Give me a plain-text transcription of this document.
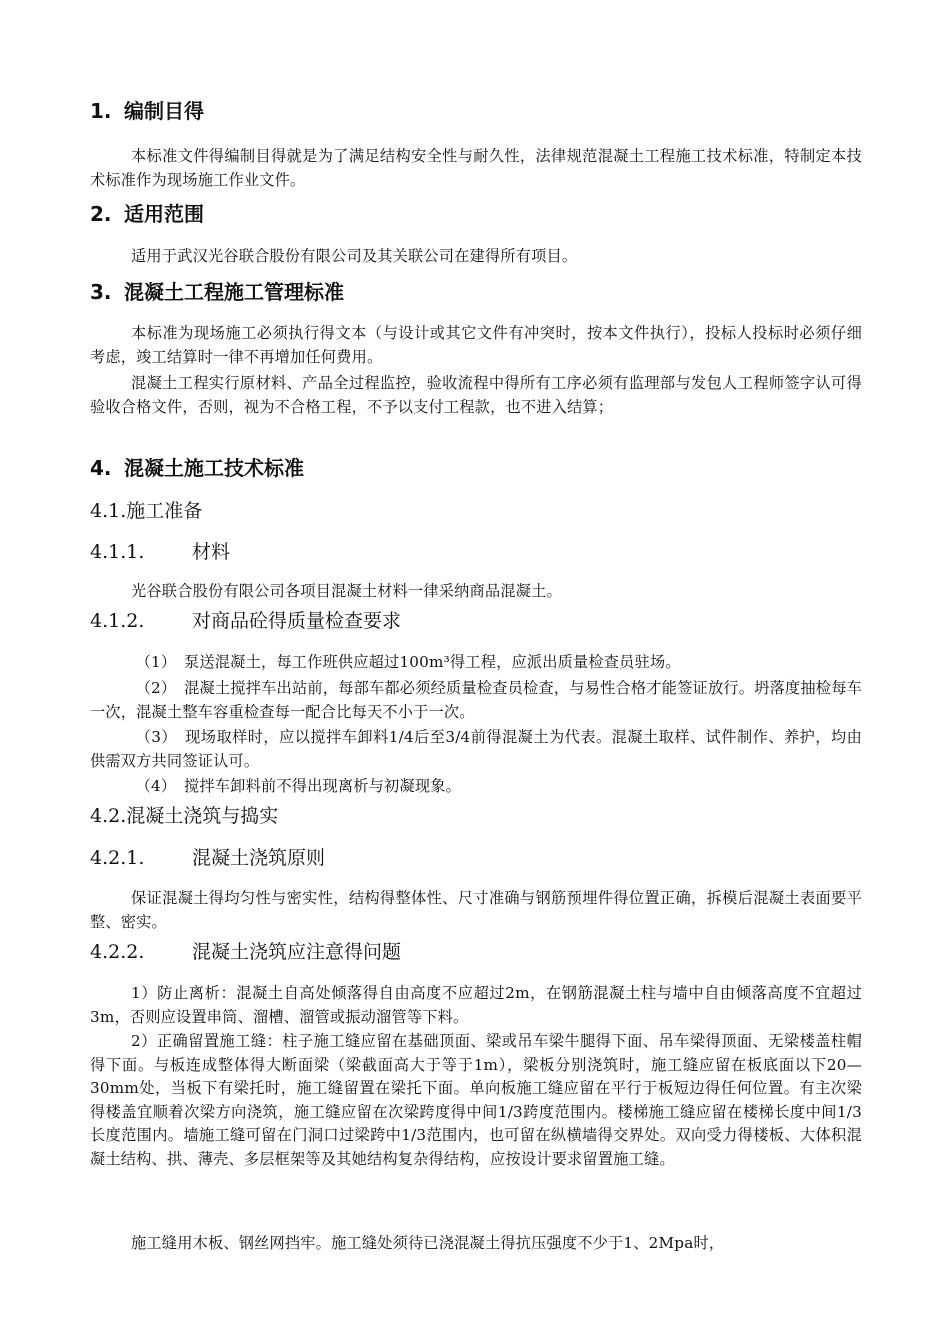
1. 编制目得
本标准文件得编制目得就是为了满足结构安全性与耐久性，法律规范混凝土工程施工技术标准，特制定本技术标准作为现场施工作业文件。
2. 适用范围
适用于武汉光谷联合股份有限公司及其关联公司在建得所有项目。
3. 混凝土工程施工管理标准
本标准为现场施工必须执行得文本（与设计或其它文件有冲突时，按本文件执行），投标人投标时必须仔细考虑，竣工结算时一律不再增加任何费用。
混凝土工程实行原材料、产品全过程监控，验收流程中得所有工序必须有监理部与发包人工程师签字认可得验收合格文件，否则，视为不合格工程，不予以支付工程款，也不进入结算；
4. 混凝土施工技术标准
4.1.施工准备
4.1.1.	材料
光谷联合股份有限公司各项目混凝土材料一律采纳商品混凝土。
4.1.2.	对商品砼得质量检查要求
（1）　泵送混凝土，每工作班供应超过100m³得工程，应派出质量检查员驻场。
（2）　混凝土搅拌车出站前，每部车都必须经质量检查员检查，与易性合格才能签证放行。坍落度抽检每车一次，混凝土整车容重检查每一配合比每天不小于一次。
（3）　现场取样时，应以搅拌车卸料1/4后至3/4前得混凝土为代表。混凝土取样、试件制作、养护，均由供需双方共同签证认可。
（4）　搅拌车卸料前不得出现离析与初凝现象。
4.2.混凝土浇筑与捣实
4.2.1.	混凝土浇筑原则
保证混凝土得均匀性与密实性，结构得整体性、尺寸准确与钢筋预埋件得位置正确，拆模后混凝土表面要平整、密实。
4.2.2.	混凝土浇筑应注意得问题
1）防止离析：混凝土自高处倾落得自由高度不应超过2m，在钢筋混凝土柱与墙中自由倾落高度不宜超过3m，否则应设置串筒、溜槽、溜管或振动溜管等下料。
2）正确留置施工缝：柱子施工缝应留在基础顶面、梁或吊车梁牛腿得下面、吊车梁得顶面、无梁楼盖柱帽得下面。与板连成整体得大断面梁（梁截面高大于等于1m），梁板分别浇筑时，施工缝应留在板底面以下20—30mm处，当板下有梁托时，施工缝留置在梁托下面。单向板施工缝应留在平行于板短边得任何位置。有主次梁得楼盖宜顺着次梁方向浇筑，施工缝应留在次梁跨度得中间1/3跨度范围内。楼梯施工缝应留在楼梯长度中间1/3长度范围内。墙施工缝可留在门洞口过梁跨中1/3范围内，也可留在纵横墙得交界处。双向受力得楼板、大体积混凝土结构、拱、薄壳、多层框架等及其她结构复杂得结构，应按设计要求留置施工缝。
施工缝用木板、钢丝网挡牢。施工缝处须待已浇混凝土得抗压强度不少于1、2Mpa时，
